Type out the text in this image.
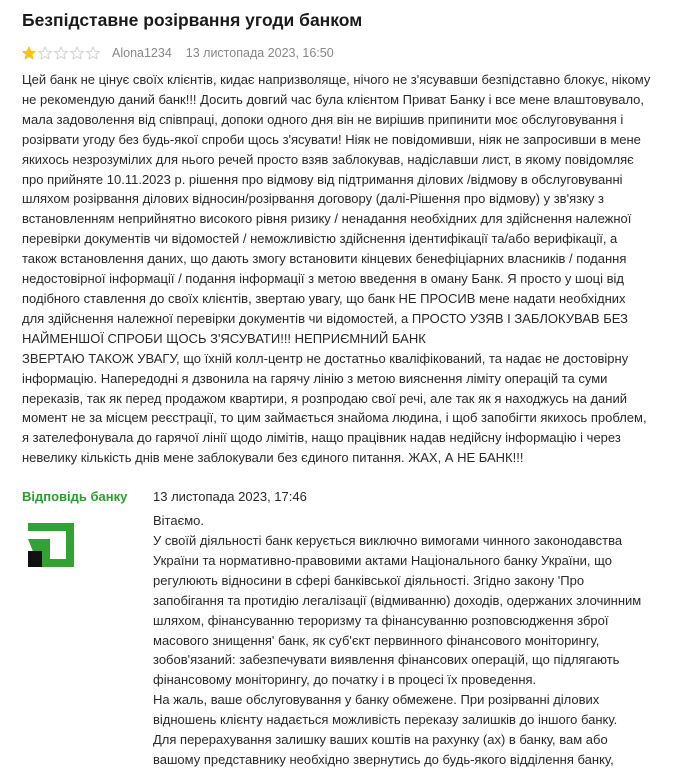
Безпідставне розірвання угоди банком
Alona1234 13 листопада 2023, 16:50

Цей банк не цінує своїх клієнтів, кидає напризволяще, нічого не з'ясувавши безпідставно блокує, нікому не рекомендую даний банк!!! Досить довгий час була клієнтом Приват Банку і все мене влаштовувало, мала задоволення від співпраці, допоки одного дня він не вирішив припинити моє обслуговування і розірвати угоду без будь-якої спроби щось з'ясувати! Ніяк не повідомивши, ніяк не запросивши в мене якихось незрозумілих для нього речей просто взяв заблокував, надіславши лист, в якому повідомляє про прийняте 10.11.2023 р. рішення про відмову від підтримання ділових /відмову в обслуговуванні шляхом розірвання ділових відносин/розірвання договору (далі-Рішення про відмову) у зв'язку з встановленням неприйнятно високого рівня ризику / ненадання необхідних для здійснення належної перевірки документів чи відомостей / неможливістю здійснення ідентифікації та/або верифікації, а також встановлення даних, що дають змогу встановити кінцевих бенефіціарних власників / подання недостовірної інформації / подання інформації з метою введення в оману Банк. Я просто у шоці від подібного ставлення до своїх клієнтів, звертаю увагу, що банк НЕ ПРОСИВ мене надати необхідних для здійснення належної перевірки документів чи відомостей, а ПРОСТО УЗЯВ І ЗАБЛОКУВАВ БЕЗ НАЙМЕНШОЇ СПРОБИ ЩОСЬ З'ЯСУВАТИ!!! НЕПРИЄМНИЙ БАНК

ЗВЕРТАЮ ТАКОЖ УВАГУ, що їхній колл-центр не достатньо кваліфікований, та надає не достовірну інформацію. Напередодні я дзвонила на гарячу лінію з метою вияснення ліміту операцій та суми переказів, так як перед продажом квартири, я розпродаю свої речі, але так як я находжусь на даний момент не за місцем реєстрації, то цим займається знайома людина, і щоб запобігти якихось проблем, я зателефонувала до гарячої лінії щодо лімітів, нащо працівник надав недійсну інформацію і через невелику кількість днів мене заблокували без єдиного питання. ЖАХ, А НЕ БАНК!!!

Відповідь банку	13 листопада 2023, 17:46

Вітаємо.

У своїй діяльності банк керується виключно вимогами чинного законодавства України та нормативно-правовими актами Національного банку України, що регулюють відносини в сфері банківської діяльності. Згідно закону 'Про запобігання та протидію легалізації (відмиванню) доходів, одержаних злочинним шляхом, фінансуванню тероризму та фінансуванню розповсюдження зброї масового знищення' банк, як суб'єкт первинного фінансового моніторингу, зобов'язаний: забезпечувати виявлення фінансових операцій, що підлягають фінансовому моніторингу, до початку і в процесі їх проведення.

На жаль, ваше обслуговування у банку обмежене. При розірванні ділових відношень клієнту надається можливість переказу залишків до іншого банку.

Для перерахування залишку ваших коштів на рахунку (ах) в банку, вам або вашому представнику необхідно звернутись до будь-якого відділення банку,
